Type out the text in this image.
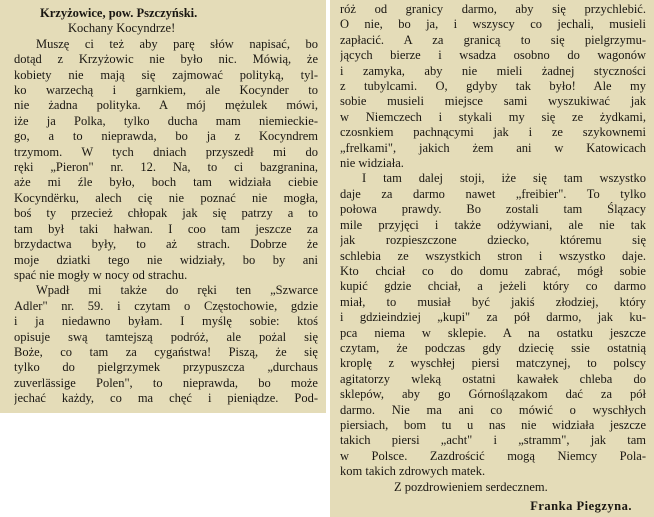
Krzyżowice, pow. Pszczyński.
Kochany Kocyndrze!
Muszę ci też aby parę słów napisać, bo
dotąd z Krzyżowic nie było nic. Mówią, że
kobiety nie mają się zajmować polityką, tyl-
ko warzechą i garnkiem, ale Kocynder to
nie żadna polityka. A mój mężulek mówi,
iże ja Polka, tylko ducha mam niemieckie-
go, a to nieprawda, bo ja z Kocyndrem
trzymom. W tych dniach przyszedł mi do
ręki „Pieron" nr. 12. Na, to ci bazgranina,
aże mi źle było, boch tam widziała ciebie
Kocyndërku, alech cię nie poznać nie mogła,
boś ty przecież chłopak jak się patrzy a to
tam był taki hałwan. I coo tam jeszcze za
brzydactwa były, to aż strach. Dobrze że
moje dziatki tego nie widziały, bo by ani
spać nie mogły w nocy od strachu.
Wpadł mi także do ręki ten „Szwarce
Adler" nr. 59. i czytam o Częstochowie, gdzie
i ja niedawno byłam. I myślę sobie: ktoś
opisuje swą tamtejszą podróż, ale pożal się
Boże, co tam za cygaństwa! Piszą, że się
tylko do pielgrzymek przypuszcza „durchaus
zuverlässige Polen", to nieprawda, bo może
jechać każdy, co ma chęć i pieniądze. Pod-
róż od granicy darmo, aby się przychlebić.
O nie, bo ja, i wszyscy co jechali, musieli
zapłacić. A za granicą to się pielgrzymu-
jących bierze i wsadza osobno do wagonów
i zamyka, aby nie mieli żadnej styczności
z tubylcami. O, gdyby tak było! Ale my
sobie musieli miejsce sami wyszukiwać jak
w Niemczech i stykali my się ze żydkami,
czosnkiem pachnącymi jak i ze szykownemi
„frelkami", jakich żem ani w Katowicach
nie widziała.
I tam dalej stoji, iże się tam wszystko
daje za darmo nawet „freibier". To tylko
połowa prawdy. Bo zostali tam Ślązacy
mile przyjęci i także odżywiani, ale nie tak
jak rozpieszczone dziecko, któremu się
schlebia ze wszystkich stron i wszystko daje.
Kto chciał co do domu zabrać, mógł sobie
kupić gdzie chciał, a jeżeli który co darmo
miał, to musiał być jakiś złodziej, który
i gdzieindziej „kupi" za pół darmo, jak ku-
pca niema w sklepie. A na ostatku jeszcze
czytam, że podczas gdy dziecię ssie ostatnią
kroplę z wyschłej piersi matczynej, to polscy
agitatorzy wleką ostatni kawałek chleba do
sklepów, aby go Górnoślązakom dać za pół
darmo. Nie ma ani co mówić o wyschłych
piersiach, bom tu u nas nie widziała jeszcze
takich piersi „acht" i „stramm", jak tam
w Polsce. Zazdrościć mogą Niemcy Pola-
kom takich zdrowych matek.
Z pozdrowieniem serdecznem.
Franka Piegzyna.
